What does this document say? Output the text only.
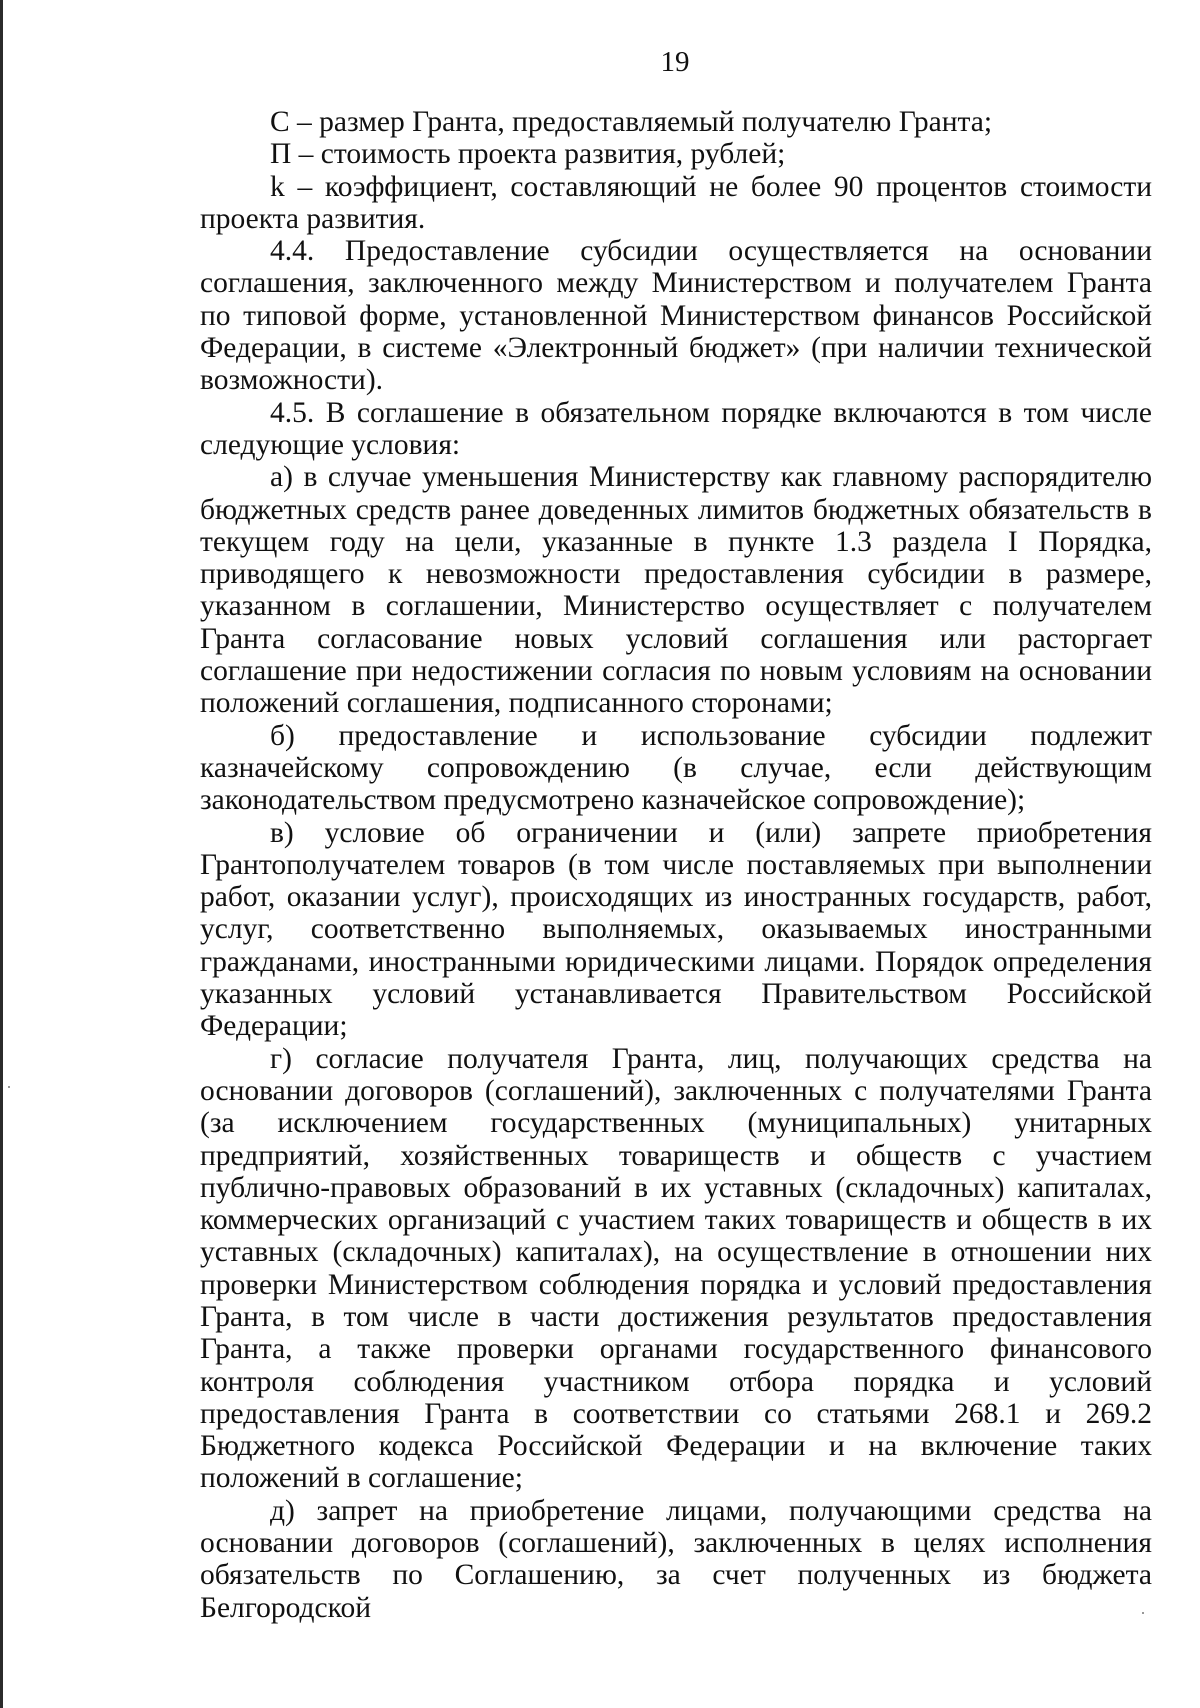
19

С – размер Гранта, предоставляемый получателю Гранта;

П – стоимость проекта развития, рублей;

k – коэффициент, составляющий не более 90 процентов стоимости проекта развития.

4.4. Предоставление субсидии осуществляется на основании соглашения, заключенного между Министерством и получателем Гранта по типовой форме, установленной Министерством финансов Российской Федерации, в системе «Электронный бюджет» (при наличии технической возможности).

4.5. В соглашение в обязательном порядке включаются в том числе следующие условия:

а) в случае уменьшения Министерству как главному распорядителю бюджетных средств ранее доведенных лимитов бюджетных обязательств в текущем году на цели, указанные в пункте 1.3 раздела I Порядка, приводящего к невозможности предоставления субсидии в размере, указанном в соглашении, Министерство осуществляет с получателем Гранта согласование новых условий соглашения или расторгает соглашение при недостижении согласия по новым условиям на основании положений соглашения, подписанного сторонами;

б) предоставление и использование субсидии подлежит казначейскому сопровождению (в случае, если действующим законодательством предусмотрено казначейское сопровождение);

в) условие об ограничении и (или) запрете приобретения Грантополучателем товаров (в том числе поставляемых при выполнении работ, оказании услуг), происходящих из иностранных государств, работ, услуг, соответственно выполняемых, оказываемых иностранными гражданами, иностранными юридическими лицами. Порядок определения указанных условий устанавливается Правительством Российской Федерации;

г) согласие получателя Гранта, лиц, получающих средства на основании договоров (соглашений), заключенных с получателями Гранта (за исключением государственных (муниципальных) унитарных предприятий, хозяйственных товариществ и обществ с участием публично-правовых образований в их уставных (складочных) капиталах, коммерческих организаций с участием таких товариществ и обществ в их уставных (складочных) капиталах), на осуществление в отношении них проверки Министерством соблюдения порядка и условий предоставления Гранта, в том числе в части достижения результатов предоставления Гранта, а также проверки органами государственного финансового контроля соблюдения участником отбора порядка и условий предоставления Гранта в соответствии со статьями 268.1 и 269.2 Бюджетного кодекса Российской Федерации и на включение таких положений в соглашение;

д) запрет на приобретение лицами, получающими средства на основании договоров (соглашений), заключенных в целях исполнения обязательств по Соглашению, за счет полученных из бюджета Белгородской
